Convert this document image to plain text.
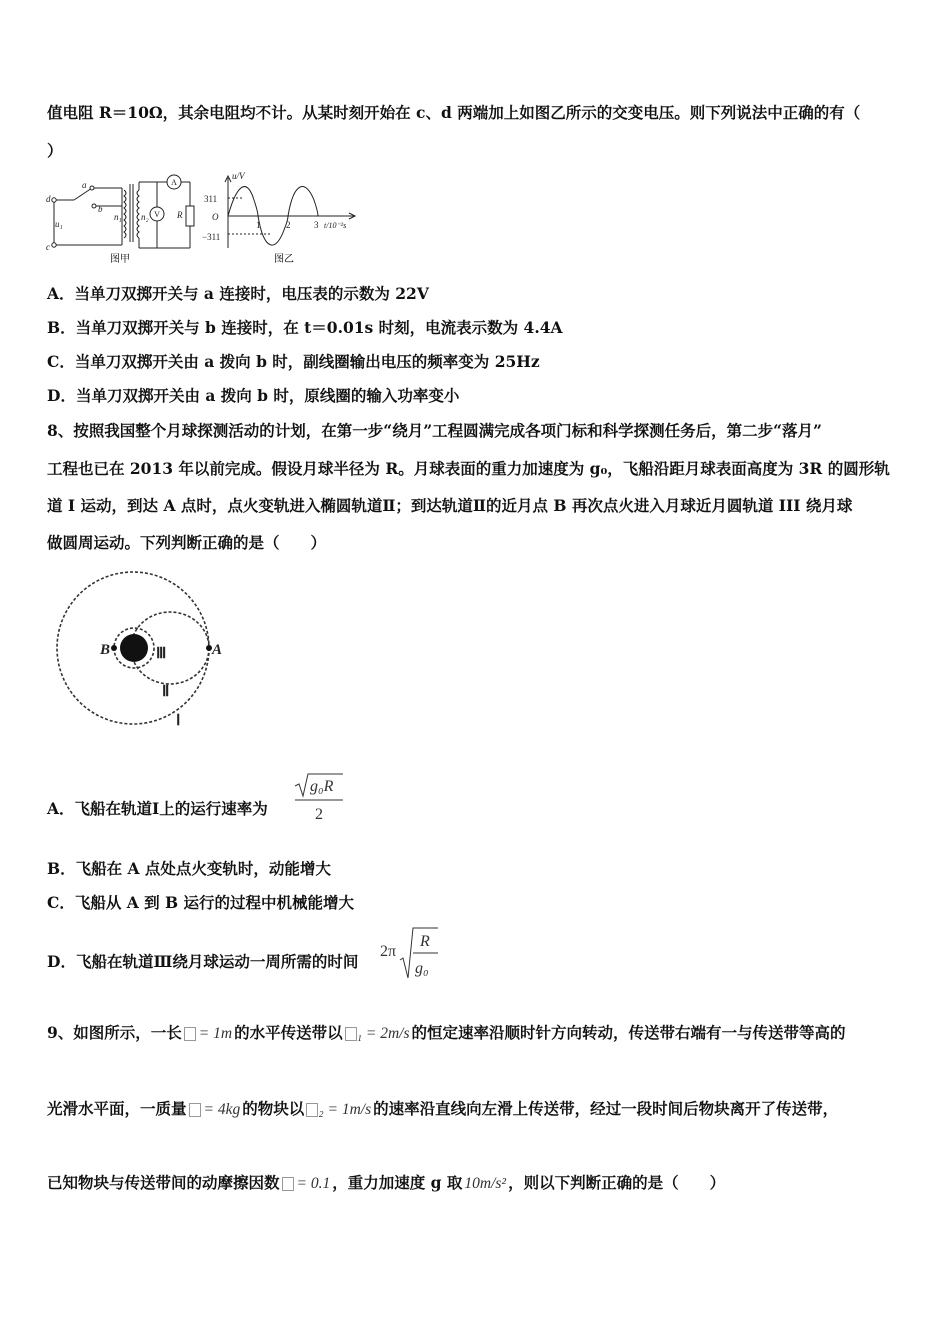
值电阻 R＝10Ω，其余电阻均不计。从某时刻开始在 c、d 两端加上如图乙所示的交变电压。则下列说法中正确的有（
）
d
c
a
b
u₁
n₁ n₂	R
A
V
图甲
u/V
311
O
−311
1	2	3 t/10⁻²s
图乙
A．当单刀双掷开关与 a 连接时，电压表的示数为 22V
B．当单刀双掷开关与 b 连接时，在 t＝0.01s 时刻，电流表示数为 4.4A
C．当单刀双掷开关由 a 拨向 b 时，副线圈输出电压的频率变为 25Hz
D．当单刀双掷开关由 a 拨向 b 时，原线圈的输入功率变小
8、按照我国整个月球探测活动的计划，在第一步“绕月”工程圆满完成各项门标和科学探测任务后，第二步“落月”
工程也已在 2013 年以前完成。假设月球半径为 R。月球表面的重力加速度为 g₀，飞船沿距月球表面高度为 3R 的圆形轨
道 I 运动，到达 A 点时，点火变轨进入椭圆轨道Ⅱ；到达轨道Ⅱ的近月点 B 再次点火进入月球近月圆轨道 III 绕月球
做圆周运动。下列判断正确的是（　　）
B	A
Ⅲ
Ⅱ
Ⅰ
A．飞船在轨道Ⅰ上的运行速率为
g₀R
2
B．飞船在 A 点处点火变轨时，动能增大
C．飞船从 A 到 B 运行的过程中机械能增大
D．飞船在轨道Ⅲ绕月球运动一周所需的时间
2π
R
g₀
9、如图所示，一长 = 1m 的水平传送带以 ₁ = 2m/s 的恒定速率沿顺时针方向转动，传送带右端有一与传送带等高的
光滑水平面，一质量 = 4kg 的物块以 ₂ = 1m/s 的速率沿直线向左滑上传送带，经过一段时间后物块离开了传送带，
已知物块与传送带间的动摩擦因数 = 0.1 ，重力加速度 g 取 10m/s² ，则以下判断正确的是（　　）
